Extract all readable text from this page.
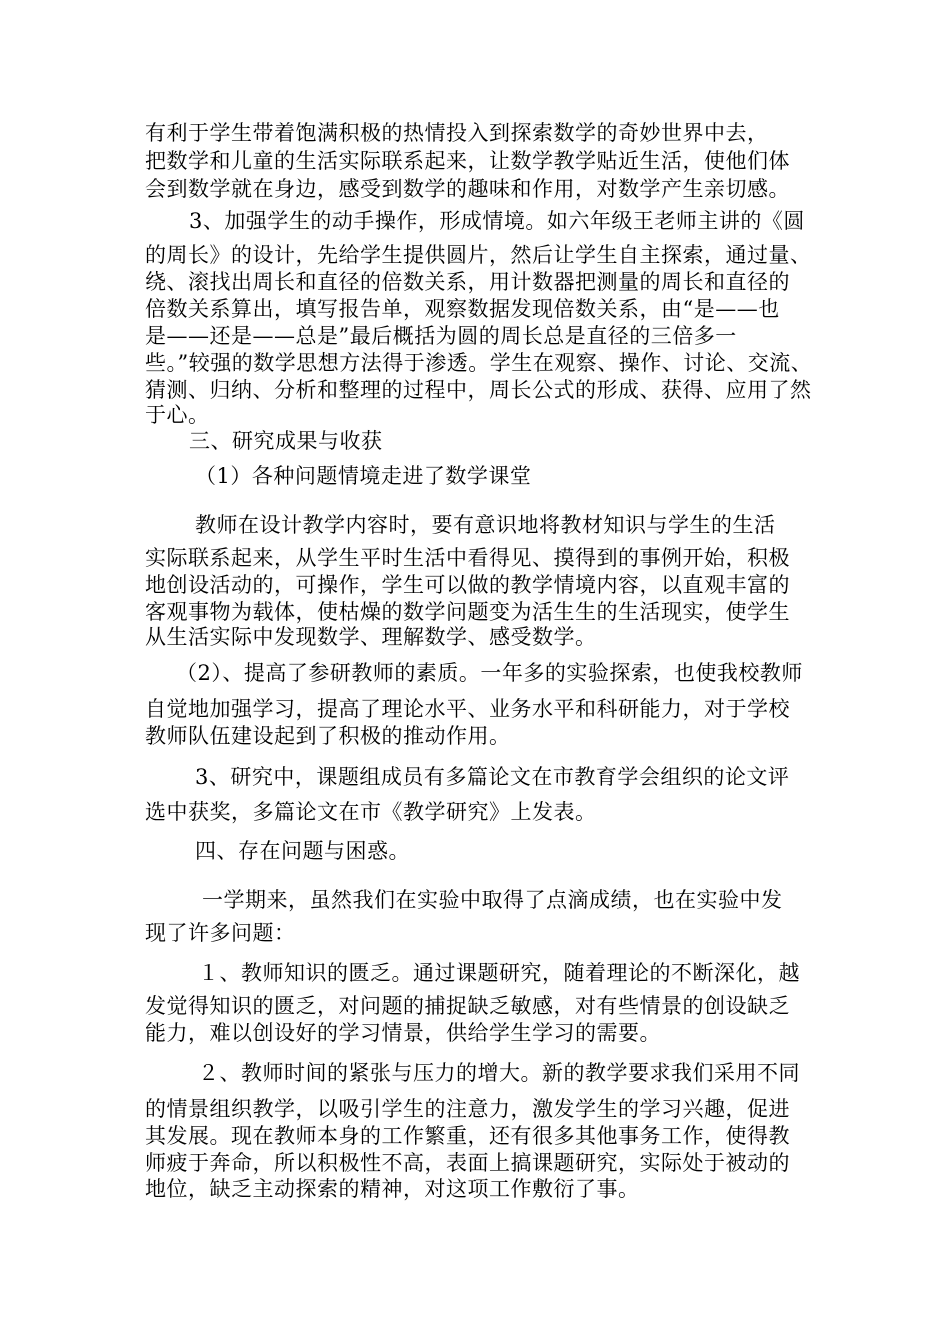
有利于学生带着饱满积极的热情投入到探索数学的奇妙世界中去，
把数学和儿童的生活实际联系起来，让数学教学贴近生活，使他们体
会到数学就在身边，感受到数学的趣味和作用，对数学产生亲切感。
3、加强学生的动手操作，形成情境。如六年级王老师主讲的《圆
的周长》的设计，先给学生提供圆片，然后让学生自主探索，通过量、
绕、滚找出周长和直径的倍数关系，用计数器把测量的周长和直径的
倍数关系算出，填写报告单，观察数据发现倍数关系，由“是——也
是——还是——总是”最后概括为圆的周长总是直径的三倍多一
些。”较强的数学思想方法得于渗透。学生在观察、操作、讨论、交流、
猜测、归纳、分析和整理的过程中，周长公式的形成、获得、应用了然
于心。
三、研究成果与收获
（1）各种问题情境走进了数学课堂
教师在设计教学内容时，要有意识地将教材知识与学生的生活
实际联系起来，从学生平时生活中看得见、摸得到的事例开始，积极
地创设活动的，可操作，学生可以做的教学情境内容，以直观丰富的
客观事物为载体，使枯燥的数学问题变为活生生的生活现实，使学生
从生活实际中发现数学、理解数学、感受数学。
（2）、提高了参研教师的素质。一年多的实验探索，也使我校教师
自觉地加强学习，提高了理论水平、业务水平和科研能力，对于学校
教师队伍建设起到了积极的推动作用。
3、研究中，课题组成员有多篇论文在市教育学会组织的论文评
选中获奖，多篇论文在市《教学研究》上发表。
四、存在问题与困惑。
一学期来，虽然我们在实验中取得了点滴成绩，也在实验中发
现了许多问题：
１、教师知识的匮乏。通过课题研究，随着理论的不断深化，越
发觉得知识的匮乏，对问题的捕捉缺乏敏感，对有些情景的创设缺乏
能力，难以创设好的学习情景，供给学生学习的需要。
２、教师时间的紧张与压力的增大。新的教学要求我们采用不同
的情景组织教学，以吸引学生的注意力，激发学生的学习兴趣，促进
其发展。现在教师本身的工作繁重，还有很多其他事务工作，使得教
师疲于奔命，所以积极性不高，表面上搞课题研究，实际处于被动的
地位，缺乏主动探索的精神，对这项工作敷衍了事。
